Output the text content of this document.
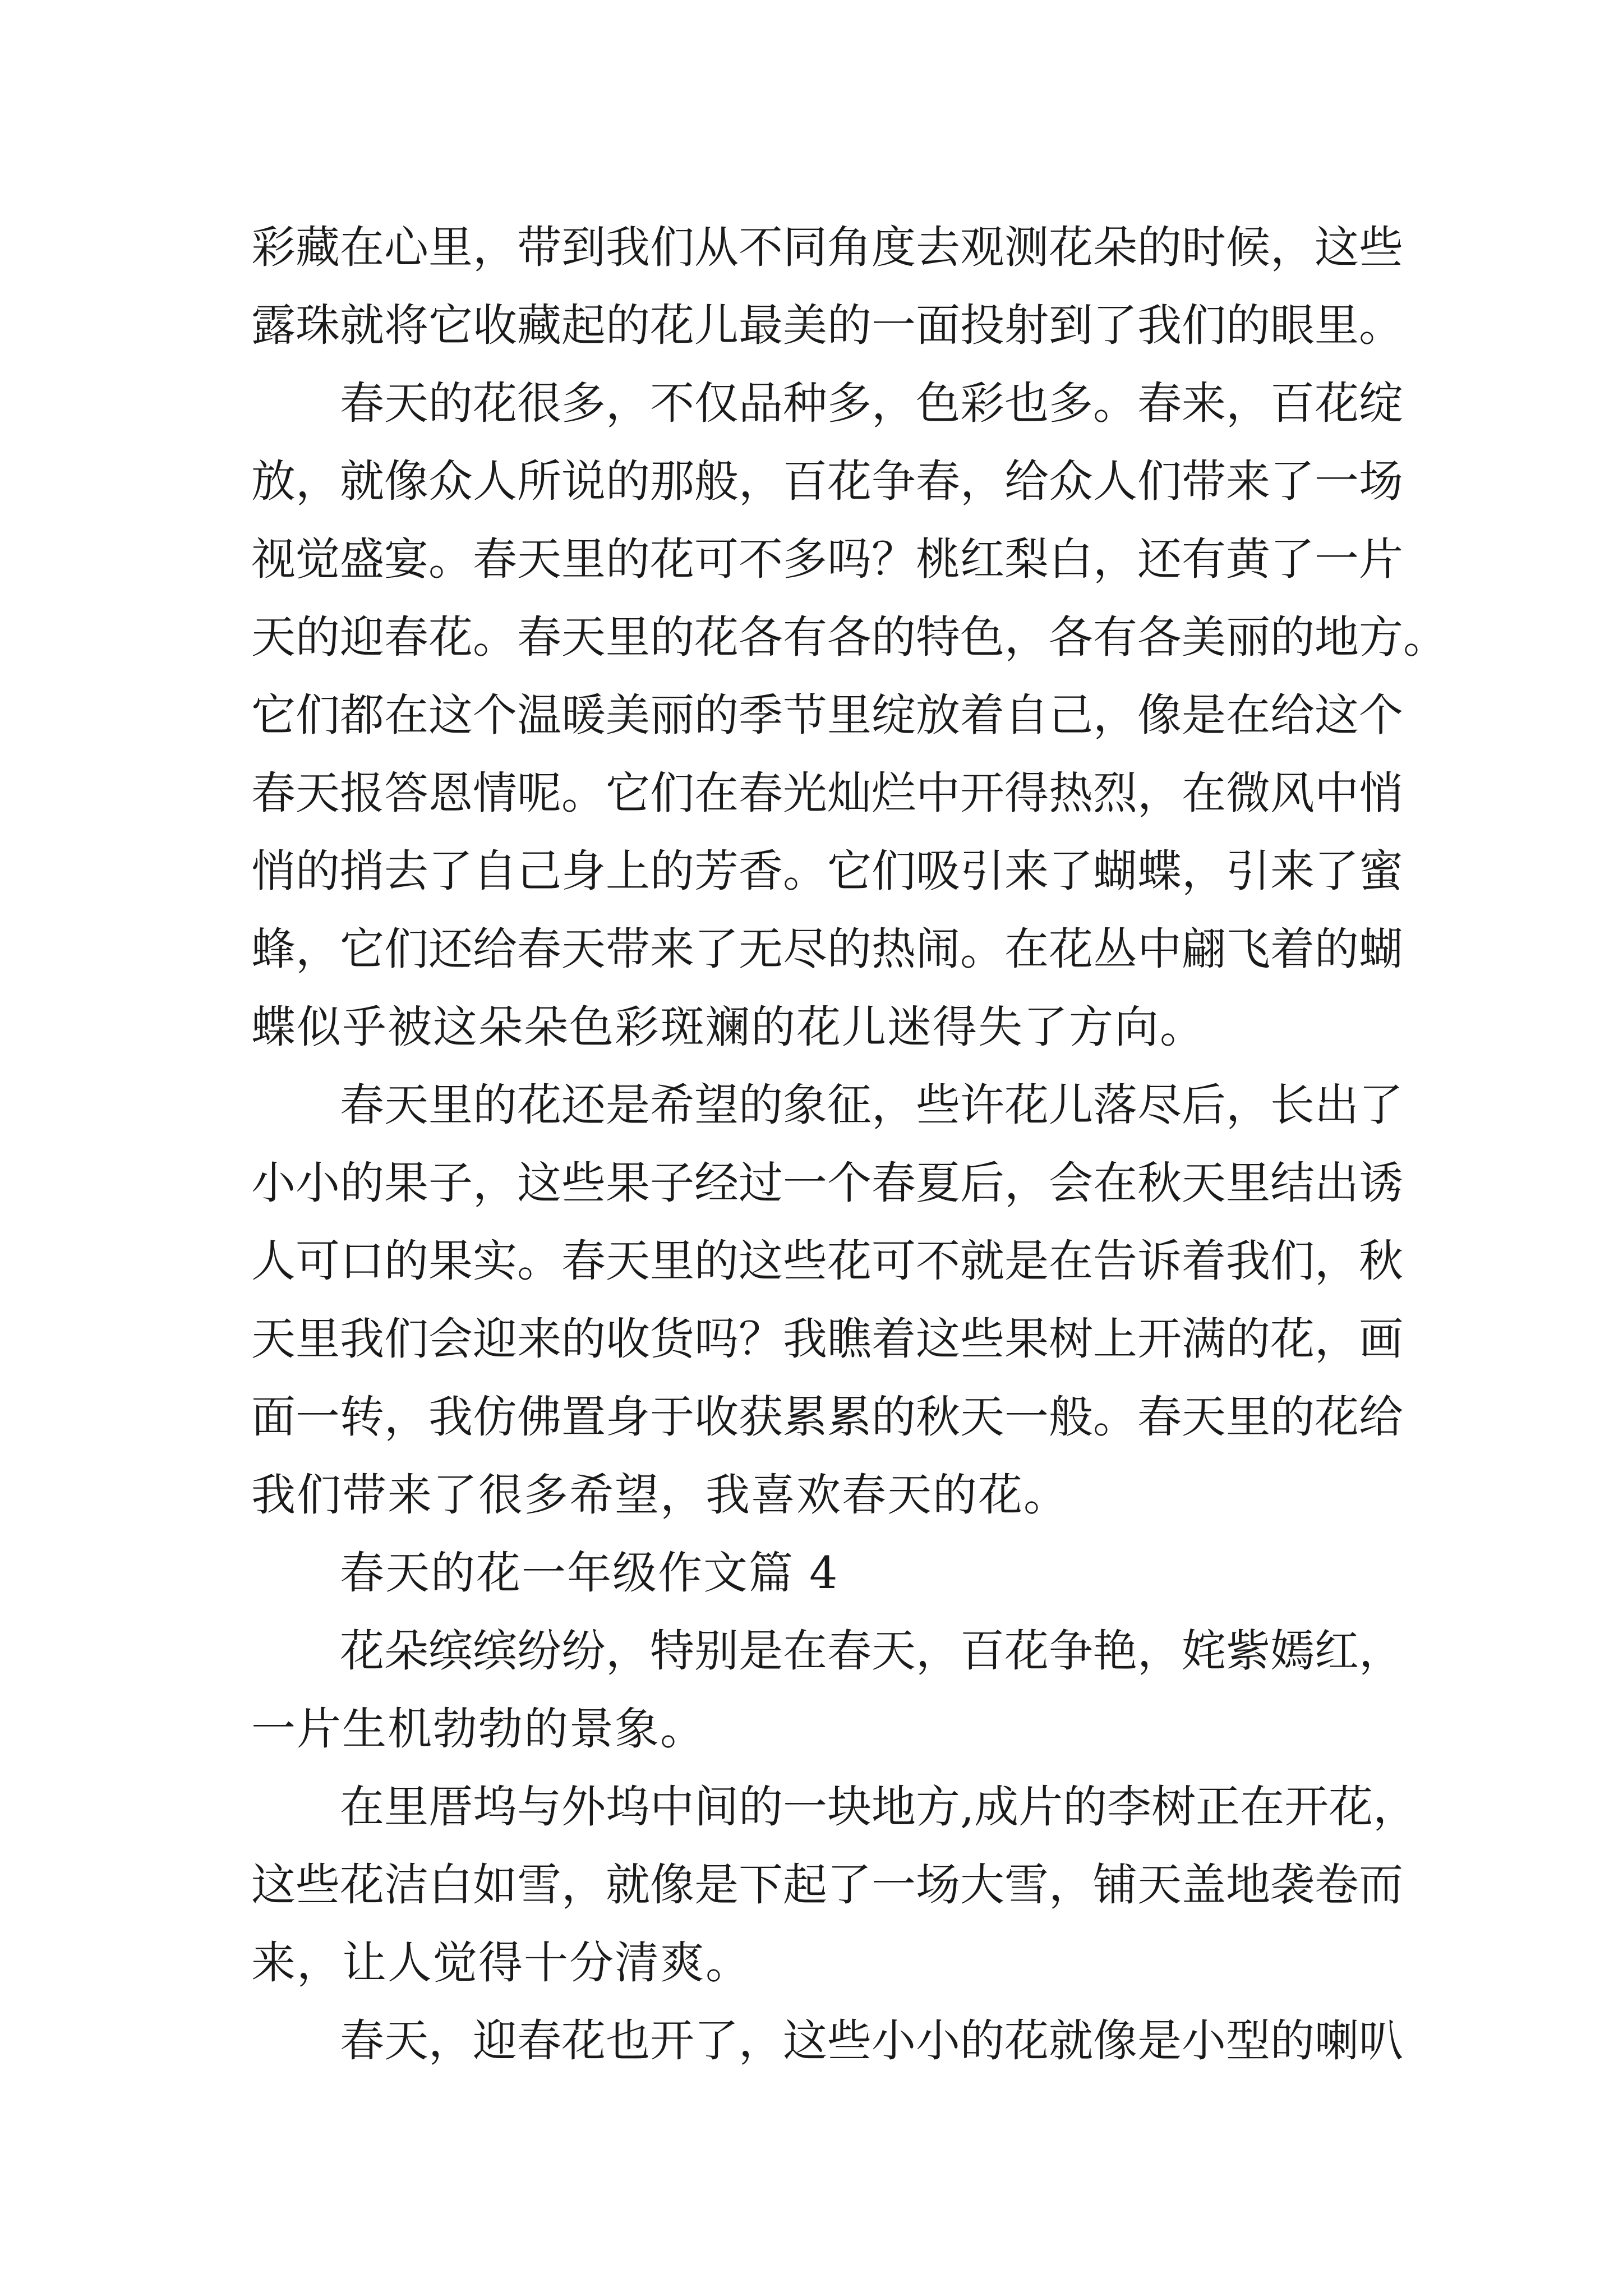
彩 藏 在 心 里 ， 带 到 我 们 从 不 同 角 度 去 观 测 花 朵 的 时 候 ， 这 些
露 珠 就 将 它 收 藏 起 的 花 儿 最 美 的 一 面 投 射 到 了 我 们 的 眼 里 。
春 天 的 花 很 多 ， 不 仅 品 种 多 ， 色 彩 也 多 。 春 来 ， 百 花 绽
放 ， 就 像 众 人 所 说 的 那 般 ， 百 花 争 春 ， 给 众 人 们 带 来 了 一 场
视 觉 盛 宴 。 春 天 里 的 花 可 不 多 吗 ？ 桃 红 梨 白 ， 还 有 黄 了 一 片
天 的 迎 春 花 。 春 天 里 的 花 各 有 各 的 特 色 ， 各 有 各 美 丽 的 地 方 。
它 们 都 在 这 个 温 暖 美 丽 的 季 节 里 绽 放 着 自 己 ， 像 是 在 给 这 个
春 天 报 答 恩 情 呢 。 它 们 在 春 光 灿 烂 中 开 得 热 烈 ， 在 微 风 中 悄
悄 的 捎 去 了 自 己 身 上 的 芳 香 。 它 们 吸 引 来 了 蝴 蝶 ， 引 来 了 蜜
蜂 ， 它 们 还 给 春 天 带 来 了 无 尽 的 热 闹 。 在 花 丛 中 翩 飞 着 的 蝴
蝶似乎被这朵朵色彩斑斓的花儿迷得失了方向。
春 天 里 的 花 还 是 希 望 的 象 征 ， 些 许 花 儿 落 尽 后 ， 长 出 了
小 小 的 果 子 ， 这 些 果 子 经 过 一 个 春 夏 后 ， 会 在 秋 天 里 结 出 诱
人 可 口 的 果 实 。 春 天 里 的 这 些 花 可 不 就 是 在 告 诉 着 我 们 ， 秋
天 里 我 们 会 迎 来 的 收 货 吗 ？ 我 瞧 着 这 些 果 树 上 开 满 的 花 ， 画
面 一 转 ， 我 仿 佛 置 身 于 收 获 累 累 的 秋 天 一 般 。 春 天 里 的 花 给
我们带来了很多希望，我喜欢春天的花。
春天的花一年级作文篇 4
花 朵 缤 缤 纷 纷 ， 特 别 是 在 春 天 ， 百 花 争 艳 ， 姹 紫 嫣 红 ，
一片生机勃勃的景象。
在 里 厝 坞 与 外 坞 中 间 的 一 块 地 方 , 成 片 的 李 树 正 在 开 花 ，
这 些 花 洁 白 如 雪 ， 就 像 是 下 起 了 一 场 大 雪 ， 铺 天 盖 地 袭 卷 而
来，让人觉得十分清爽。
春 天 ， 迎 春 花 也 开 了 ， 这 些 小 小 的 花 就 像 是 小 型 的 喇 叭
